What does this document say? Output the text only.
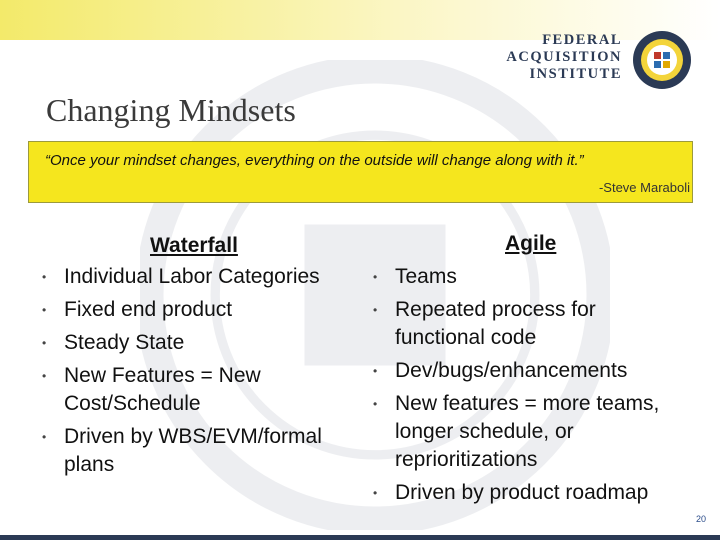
FEDERAL
ACQUISITION
INSTITUTE
Changing Mindsets
“Once your mindset changes, everything on the outside will change along with it.”
-Steve Maraboli
Waterfall
• Individual Labor Categories
• Fixed end product
• Steady State
• New Features = New Cost/Schedule
• Driven by WBS/EVM/formal plans
Agile
• Teams
• Repeated process for functional code
• Dev/bugs/enhancements
• New features = more teams, longer schedule, or reprioritizations
• Driven by product roadmap
20
